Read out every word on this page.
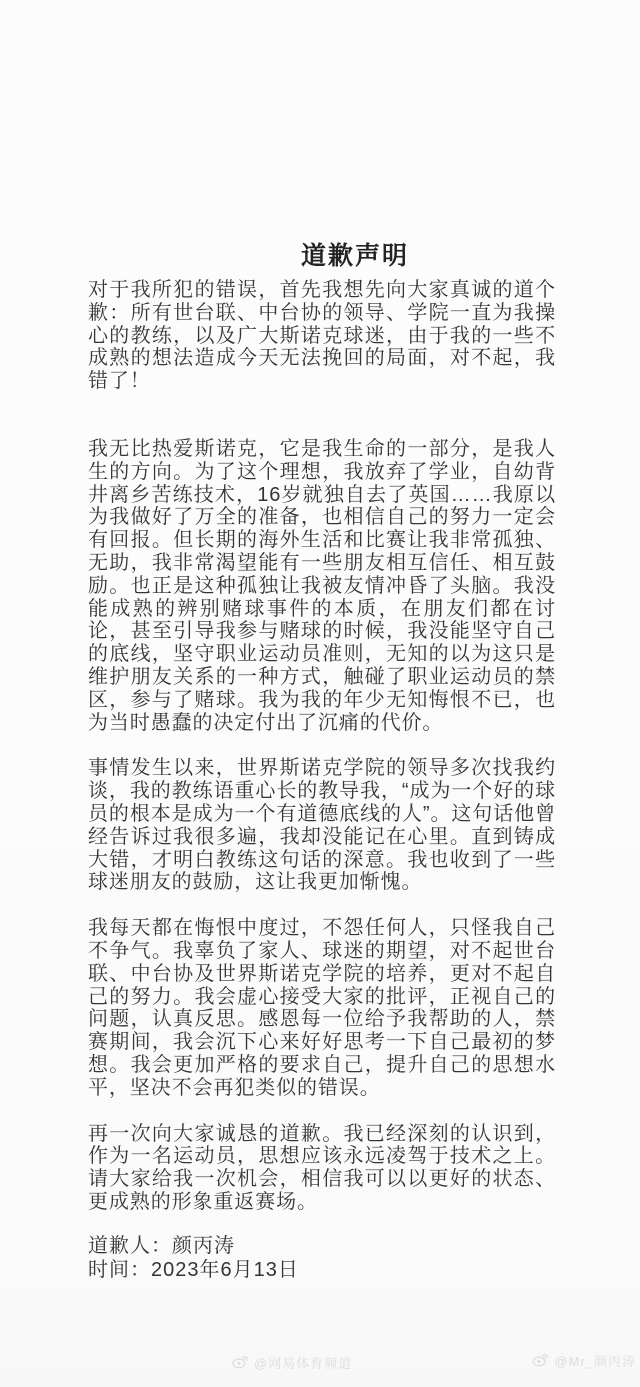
道歉声明

对于我所犯的错误，首先我想先向大家真诚的道个歉：所有世台联、中台协的领导、学院一直为我操心的教练，以及广大斯诺克球迷，由于我的一些不成熟的想法造成今天无法挽回的局面，对不起，我错了！

我无比热爱斯诺克，它是我生命的一部分，是我人生的方向。为了这个理想，我放弃了学业，自幼背井离乡苦练技术，16岁就独自去了英国……我原以为我做好了万全的准备，也相信自己的努力一定会有回报。但长期的海外生活和比赛让我非常孤独、无助，我非常渴望能有一些朋友相互信任、相互鼓励。也正是这种孤独让我被友情冲昏了头脑。我没能成熟的辨别赌球事件的本质，在朋友们都在讨论，甚至引导我参与赌球的时候，我没能坚守自己的底线，坚守职业运动员准则，无知的以为这只是维护朋友关系的一种方式，触碰了职业运动员的禁区，参与了赌球。我为我的年少无知悔恨不已，也为当时愚蠢的决定付出了沉痛的代价。

事情发生以来，世界斯诺克学院的领导多次找我约谈，我的教练语重心长的教导我，“成为一个好的球员的根本是成为一个有道德底线的人”。这句话他曾经告诉过我很多遍，我却没能记在心里。直到铸成大错，才明白教练这句话的深意。我也收到了一些球迷朋友的鼓励，这让我更加惭愧。

我每天都在悔恨中度过，不怨任何人，只怪我自己不争气。我辜负了家人、球迷的期望，对不起世台联、中台协及世界斯诺克学院的培养，更对不起自己的努力。我会虚心接受大家的批评，正视自己的问题，认真反思。感恩每一位给予我帮助的人，禁赛期间，我会沉下心来好好思考一下自己最初的梦想。我会更加严格的要求自己，提升自己的思想水平，坚决不会再犯类似的错误。

再一次向大家诚恳的道歉。我已经深刻的认识到，作为一名运动员，思想应该永远凌驾于技术之上。请大家给我一次机会，相信我可以以更好的状态、更成熟的形象重返赛场。

道歉人：颜丙涛
时间：2023年6月13日
@网易体育频道	@Mr_颜丙涛
